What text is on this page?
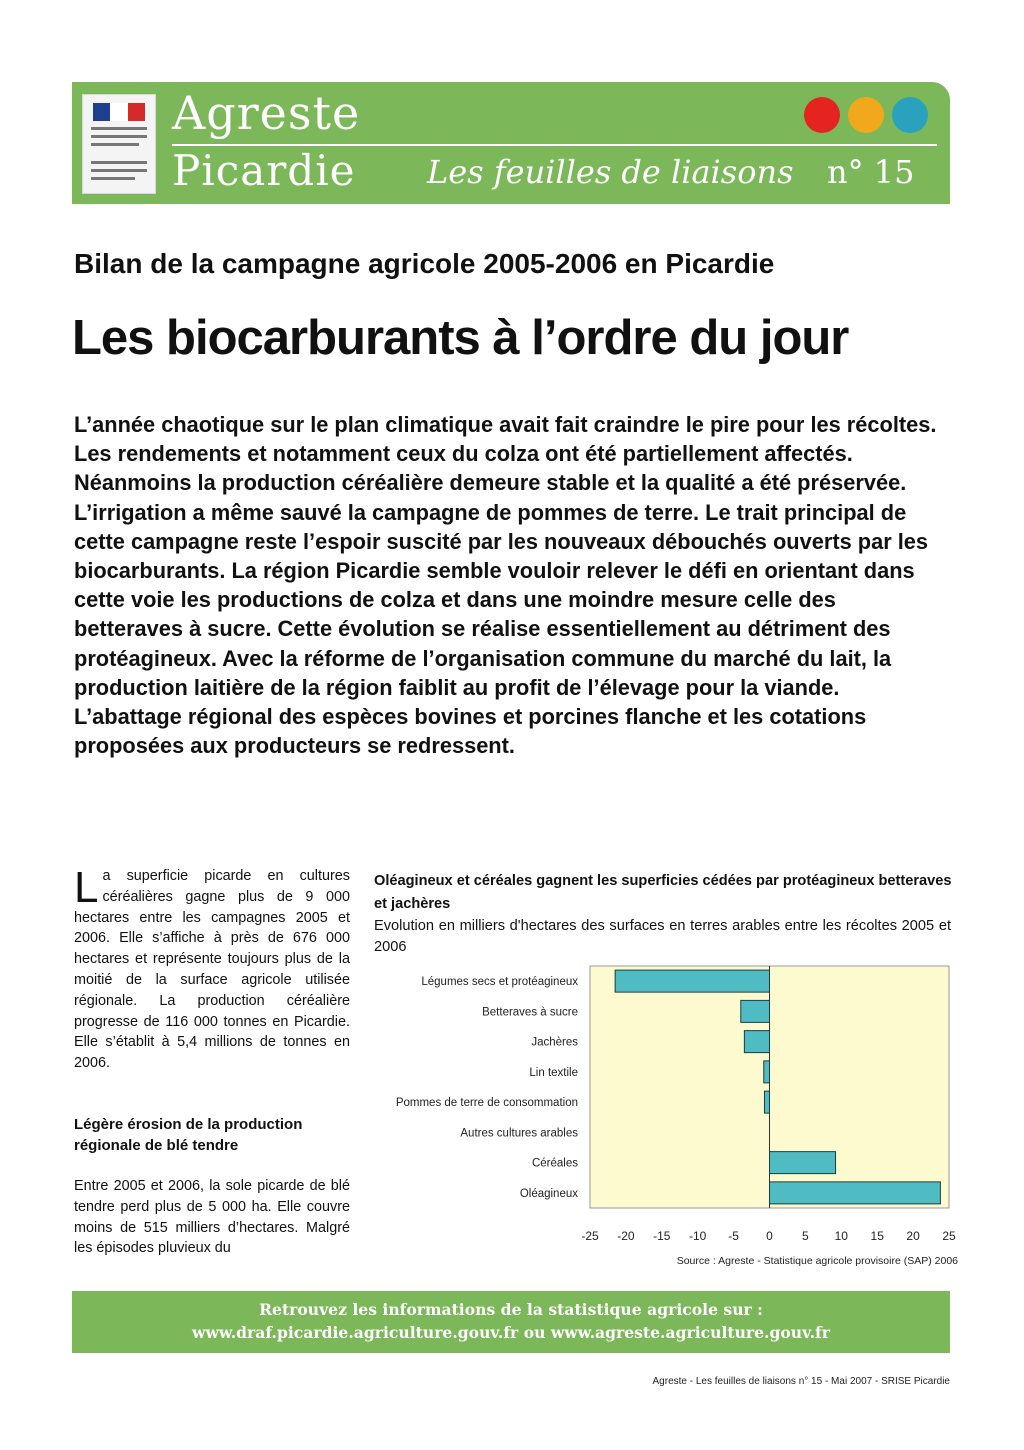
Agreste
Picardie Les feuilles de liaisons n° 15
Bilan de la campagne agricole 2005-2006 en Picardie
Les biocarburants à l’ordre du jour

L’année chaotique sur le plan climatique avait fait craindre le pire pour les récoltes. Les rendements et notamment ceux du colza ont été partiellement affectés. Néanmoins la production céréalière demeure stable et la qualité a été préservée. L’irrigation a même sauvé la campagne de pommes de terre. Le trait principal de cette campagne reste l’espoir suscité par les nouveaux débouchés ouverts par les biocarburants. La région Picardie semble vouloir relever le défi en orientant dans cette voie les productions de colza et dans une moindre mesure celle des betteraves à sucre. Cette évolution se réalise essentiellement au détriment des protéagineux. Avec la réforme de l’organisation commune du marché du lait, la production laitière de la région faiblit au profit de l’élevage pour la viande. L’abattage régional des espèces bovines et porcines flanche et les cotations proposées aux producteurs se redressent.

L a superficie picarde en cultures céréalières gagne plus de 9 000 hectares entre les campagnes 2005 et 2006. Elle s’affiche à près de 676 000 hectares et représente toujours plus de la moitié de la surface agricole utilisée régionale. La production céréalière progresse de 116 000 tonnes en Picardie. Elle s’établit à 5,4 millions de tonnes en 2006.

Légère érosion de la production régionale de blé tendre

Entre 2005 et 2006, la sole picarde de blé tendre perd plus de 5 000 ha. Elle couvre moins de 515 milliers d’hectares. Malgré les épisodes pluvieux du

Oléagineux et céréales gagnent les superficies cédées par protéagineux betteraves et jachères
Evolution en milliers d'hectares des surfaces en terres arables entre les récoltes 2005 et 2006
Légumes secs et protéagineux
Betteraves à sucre
Jachères
Lin textile
Pommes de terre de consommation
Autres cultures arables
Céréales
Oléagineux
-25 -20 -15 -10 -5 0 5 10 15 20 25
Source : Agreste - Statistique agricole provisoire (SAP) 2006
Retrouvez les informations de la statistique agricole sur :
www.draf.picardie.agriculture.gouv.fr ou www.agreste.agriculture.gouv.fr
Agreste - Les feuilles de liaisons n° 15 - Mai 2007 - SRISE Picardie
